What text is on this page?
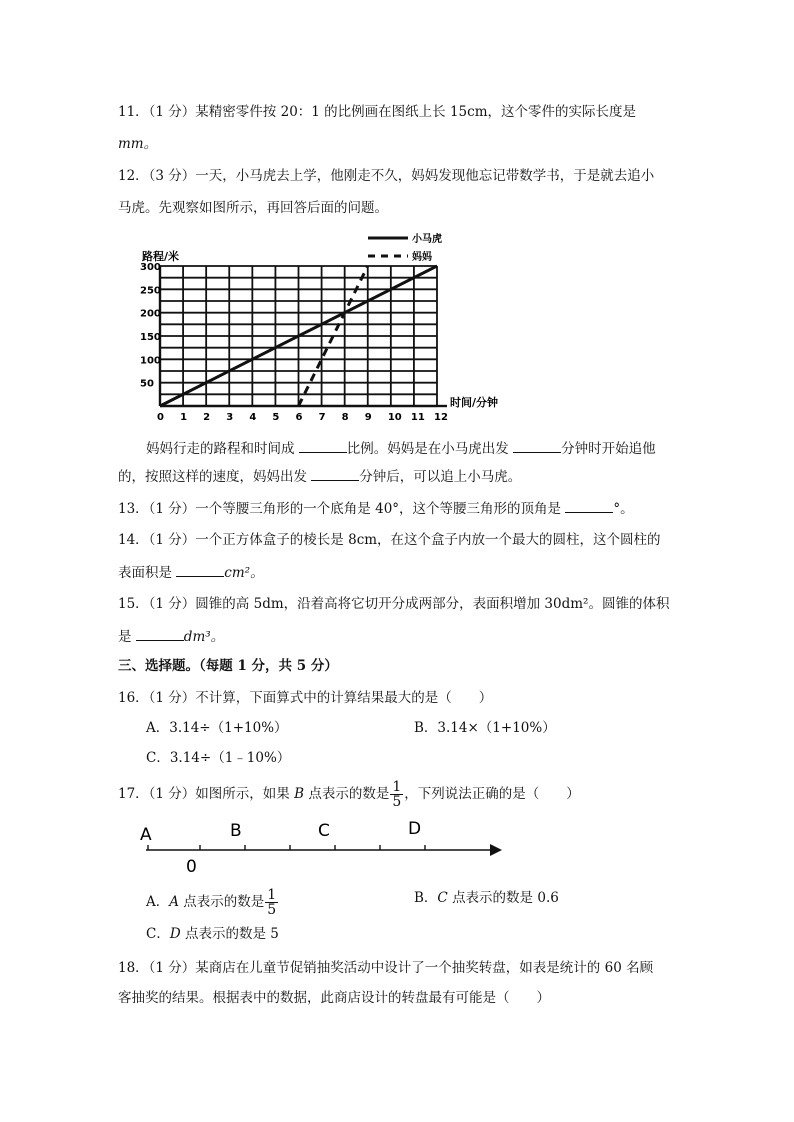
11．（1 分）某精密零件按 20：1 的比例画在图纸上长 15cm，这个零件的实际长度是
mm。
12．（3 分）一天，小马虎去上学，他刚走不久，妈妈发现他忘记带数学书，于是就去追小
马虎。先观察如图所示，再回答后面的问题。
0 1 2 3 4 5 6 7 8 9 10 11 12
50
100
150
200
250
300
路程/米
时间/分钟
小马虎
妈妈
妈妈行走的路程和时间成	比例。妈妈是在小马虎出发	分钟时开始追他
的，按照这样的速度，妈妈出发	分钟后，可以追上小马虎。
13．（1 分）一个等腰三角形的一个底角是 40°，这个等腰三角形的顶角是	°。
14．（1 分）一个正方体盒子的棱长是 8cm，在这个盒子内放一个最大的圆柱，这个圆柱的
表面积是	cm²。
15．（1 分）圆锥的高 5dm，沿着高将它切开分成两部分，表面积增加 30dm²。圆锥的体积
是	dm³。
三、选择题。（每题 1 分，共 5 分）
16．（1 分）不计算，下面算式中的计算结果最大的是（　　）
A．3.14÷（1+10%）	B．3.14×（1+10%）
C．3.14÷（1﹣10%）
17．（1 分）如图所示，如果 B 点表示的数是 $\frac{1}{5}$ ，下列说法正确的是（　　）
A	B	C	D
0
A．A 点表示的数是 $\frac{1}{5}$	B．C 点表示的数是 0.6
C．D 点表示的数是 5
18．（1 分）某商店在儿童节促销抽奖活动中设计了一个抽奖转盘，如表是统计的 60 名顾
客抽奖的结果。根据表中的数据，此商店设计的转盘最有可能是（　　）
